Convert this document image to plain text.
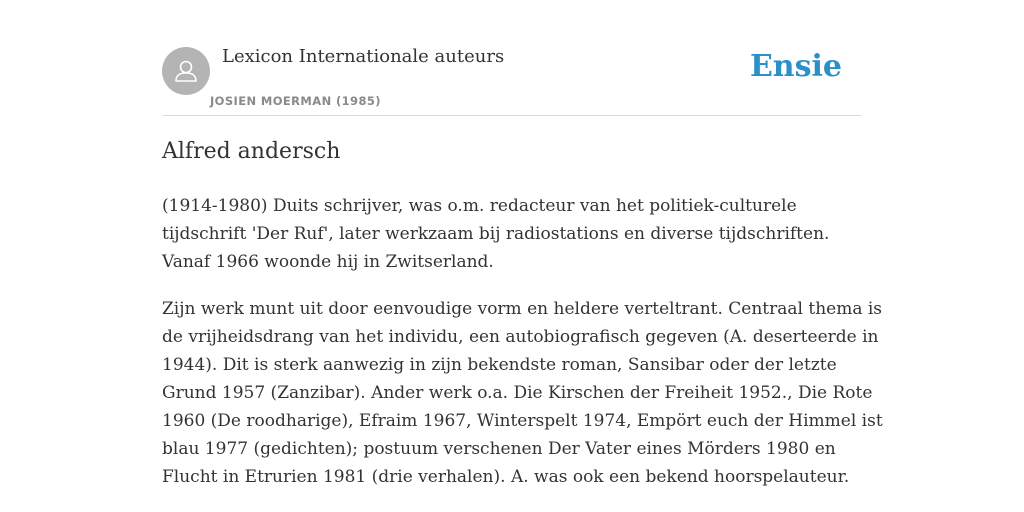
Lexicon Internationale auteurs
JOSIEN MOERMAN (1985)
Ensie
Alfred andersch

(1914-1980) Duits schrijver, was o.m. redacteur van het politiek-culturele
tijdschrift 'Der Ruf', later werkzaam bij radiostations en diverse tijdschriften.
Vanaf 1966 woonde hij in Zwitserland.

Zijn werk munt uit door eenvoudige vorm en heldere verteltrant. Centraal thema is
de vrijheidsdrang van het individu, een autobiografisch gegeven (A. deserteerde in
1944). Dit is sterk aanwezig in zijn bekendste roman, Sansibar oder der letzte
Grund 1957 (Zanzibar). Ander werk o.a. Die Kirschen der Freiheit 1952., Die Rote
1960 (De roodharige), Efraim 1967, Winterspelt 1974, Empört euch der Himmel ist
blau 1977 (gedichten); postuum verschenen Der Vater eines Mörders 1980 en
Flucht in Etrurien 1981 (drie verhalen). A. was ook een bekend hoorspelauteur.
